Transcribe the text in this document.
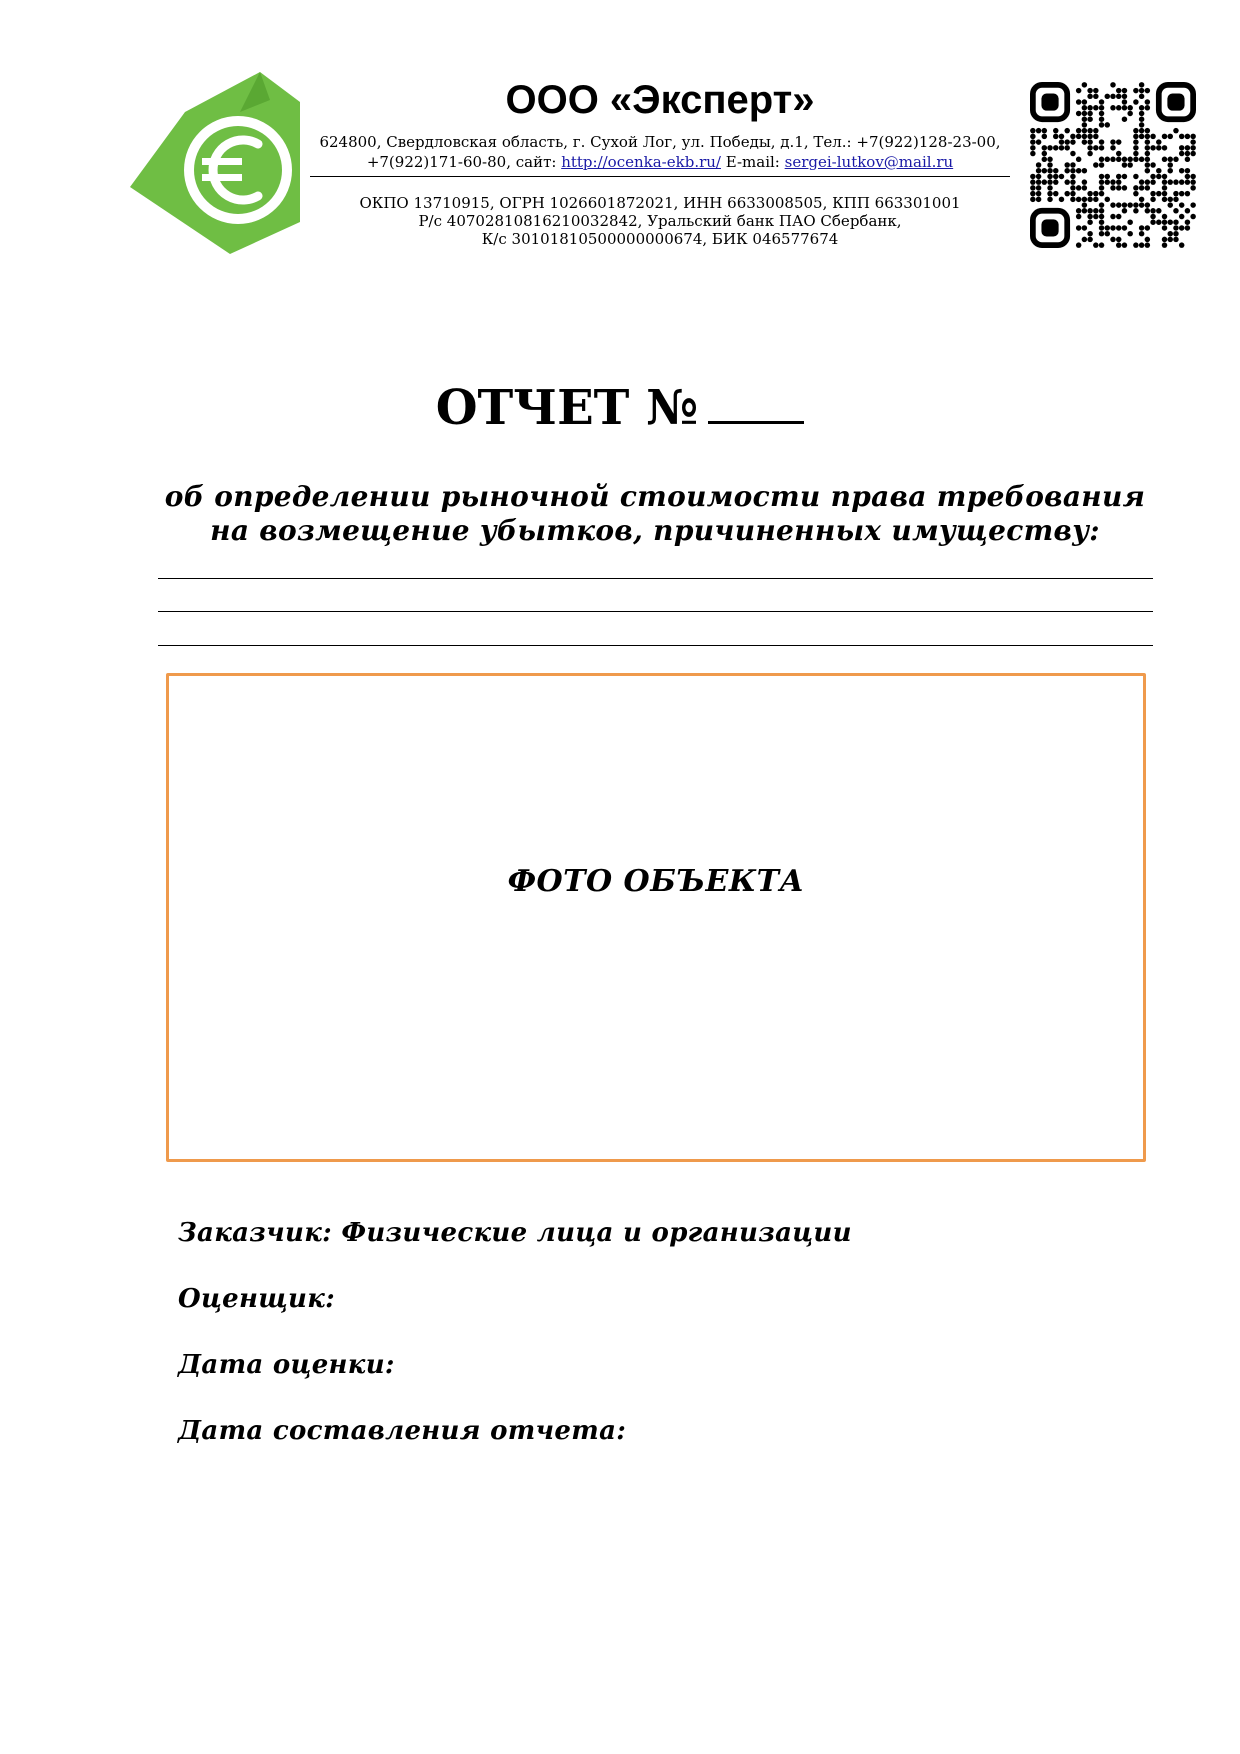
ООО «Эксперт»

624800, Свердловская область, г. Сухой Лог, ул. Победы, д.1, Тел.: +7(922)128-23-00,
+7(922)171-60-80, сайт: http://ocenka-ekb.ru/ E-mail: sergei-lutkov@mail.ru

ОКПО 13710915, ОГРН 1026601872021, ИНН 6633008505, КПП 663301001
Р/с 40702810816210032842, Уральский банк ПАО Сбербанк,
К/с 30101810500000000674, БИК 046577674
ОТЧЕТ №
об определении рыночной стоимости права требования
на возмещение убытков, причиненных имуществу:
ФОТО ОБЪЕКТА
Заказчик: Физические лица и организации
Оценщик:
Дата оценки:
Дата составления отчета:
